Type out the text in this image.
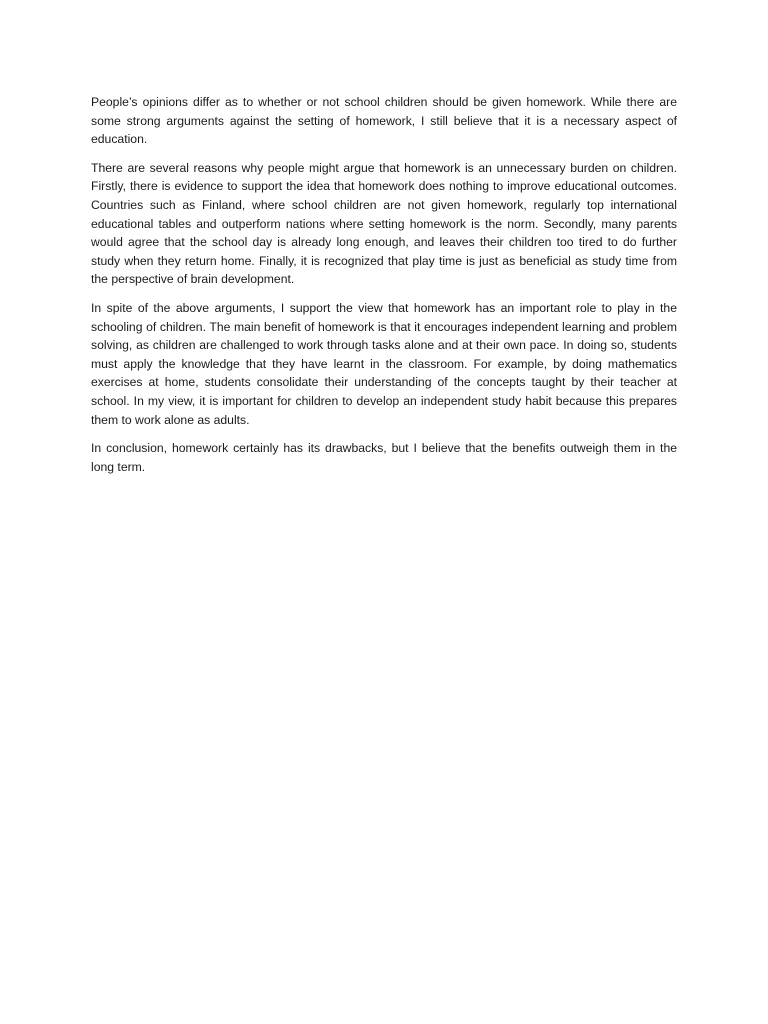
People’s opinions differ as to whether or not school children should be given homework. While there are some strong arguments against the setting of homework, I still believe that it is a necessary aspect of education.

There are several reasons why people might argue that homework is an unnecessary burden on children. Firstly, there is evidence to support the idea that homework does nothing to improve educational outcomes. Countries such as Finland, where school children are not given homework, regularly top international educational tables and outperform nations where setting homework is the norm. Secondly, many parents would agree that the school day is already long enough, and leaves their children too tired to do further study when they return home. Finally, it is recognized that play time is just as beneficial as study time from the perspective of brain development.

In spite of the above arguments, I support the view that homework has an important role to play in the schooling of children. The main benefit of homework is that it encourages independent learning and problem solving, as children are challenged to work through tasks alone and at their own pace. In doing so, students must apply the knowledge that they have learnt in the classroom. For example, by doing mathematics exercises at home, students consolidate their understanding of the concepts taught by their teacher at school. In my view, it is important for children to develop an independent study habit because this prepares them to work alone as adults.

In conclusion, homework certainly has its drawbacks, but I believe that the benefits outweigh them in the long term.
